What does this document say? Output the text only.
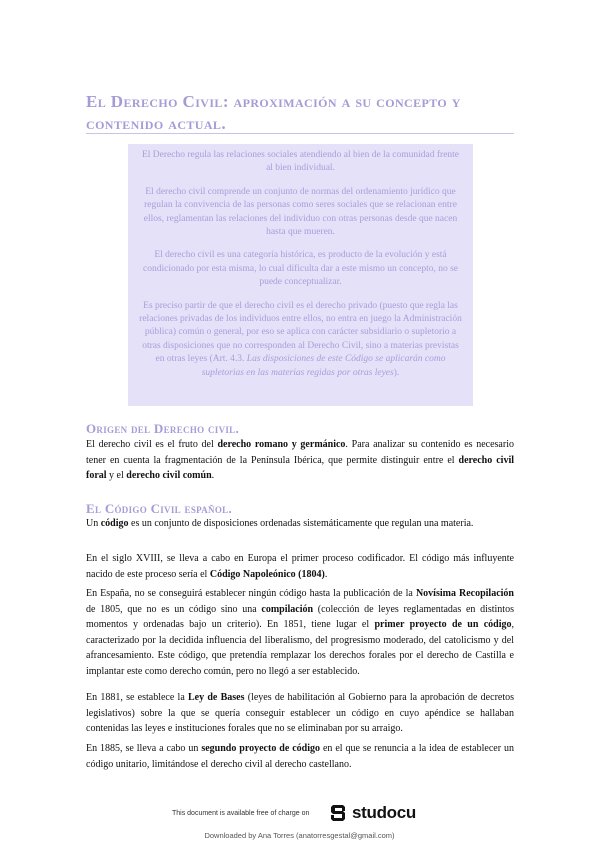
El Derecho Civil: aproximación a su concepto y contenido actual.

El Derecho regula las relaciones sociales atendiendo al bien de la comunidad frente al bien individual.

El derecho civil comprende un conjunto de normas del ordenamiento jurídico que regulan la convivencia de las personas como seres sociales que se relacionan entre ellos, reglamentan las relaciones del individuo con otras personas desde que nacen hasta que mueren.

El derecho civil es una categoría histórica, es producto de la evolución y está condicionado por esta misma, lo cual dificulta dar a este mismo un concepto, no se puede conceptualizar.

Es preciso partir de que el derecho civil es el derecho privado (puesto que regla las relaciones privadas de los individuos entre ellos, no entra en juego la Administración pública) común o general, por eso se aplica con carácter subsidiario o supletorio a otras disposiciones que no corresponden al Derecho Civil, sino a materias previstas en otras leyes (Art. 4.3. Las disposiciones de este Código se aplicarán como supletorias en las materias regidas por otras leyes).

Origen del Derecho civil.

El derecho civil es el fruto del derecho romano y germánico. Para analizar su contenido es necesario tener en cuenta la fragmentación de la Península Ibérica, que permite distinguir entre el derecho civil foral y el derecho civil común.

El Código Civil español.

Un código es un conjunto de disposiciones ordenadas sistemáticamente que regulan una materia.

En el siglo XVIII, se lleva a cabo en Europa el primer proceso codificador. El código más influyente nacido de este proceso sería el Código Napoleónico (1804).

En España, no se conseguirá establecer ningún código hasta la publicación de la Novísima Recopilación de 1805, que no es un código sino una compilación (colección de leyes reglamentadas en distintos momentos y ordenadas bajo un criterio). En 1851, tiene lugar el primer proyecto de un código, caracterizado por la decidida influencia del liberalismo, del progresismo moderado, del catolicismo y del afrancesamiento. Este código, que pretendía remplazar los derechos forales por el derecho de Castilla e implantar este como derecho común, pero no llegó a ser establecido.

En 1881, se establece la Ley de Bases (leyes de habilitación al Gobierno para la aprobación de decretos legislativos) sobre la que se quería conseguir establecer un código en cuyo apéndice se hallaban contenidas las leyes e instituciones forales que no se eliminaban por su arraigo.

En 1885, se lleva a cabo un segundo proyecto de código en el que se renuncia a la idea de establecer un código unitario, limitándose el derecho civil al derecho castellano.

This document is available free of charge on	studocu
Downloaded by Ana Torres (anatorresgestal@gmail.com)
